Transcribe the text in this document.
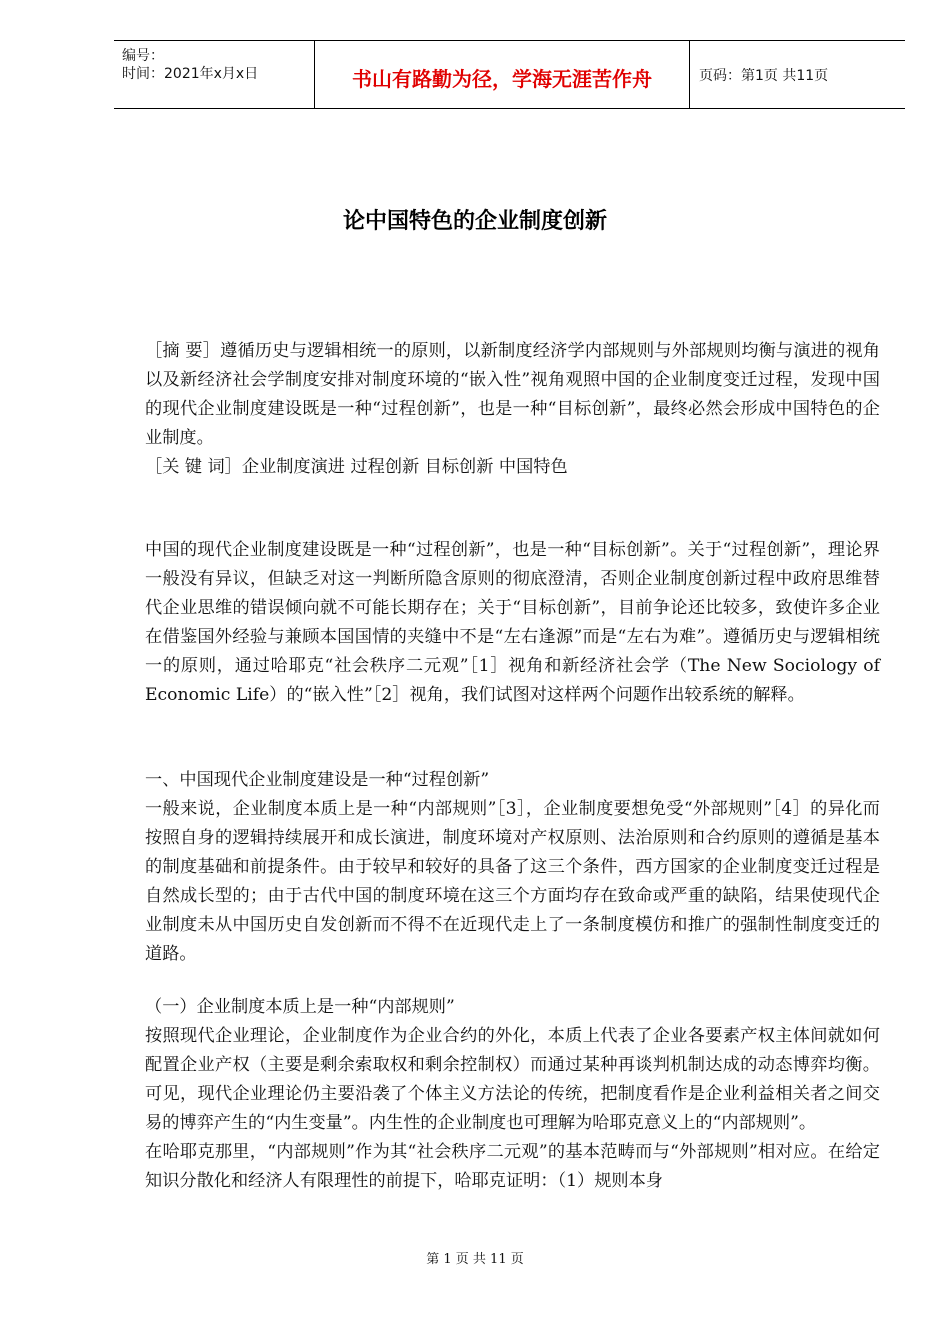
编号：
时间：2021年x月x日	书山有路勤为径，学海无涯苦作舟	页码：第1页 共11页
论中国特色的企业制度创新

［摘 要］遵循历史与逻辑相统一的原则，以新制度经济学内部规则与外部规则均衡与演进的视角以及新经济社会学制度安排对制度环境的“嵌入性”视角观照中国的企业制度变迁过程，发现中国的现代企业制度建设既是一种“过程创新”，也是一种“目标创新”，最终必然会形成中国特色的企业制度。

［关 键 词］企业制度演进 过程创新 目标创新 中国特色

中国的现代企业制度建设既是一种“过程创新”，也是一种“目标创新”。关于“过程创新”，理论界一般没有异议，但缺乏对这一判断所隐含原则的彻底澄清，否则企业制度创新过程中政府思维替代企业思维的错误倾向就不可能长期存在；关于“目标创新”，目前争论还比较多，致使许多企业在借鉴国外经验与兼顾本国国情的夹缝中不是“左右逢源”而是“左右为难”。遵循历史与逻辑相统一的原则，通过哈耶克“社会秩序二元观”［1］视角和新经济社会学（The New Sociology of Economic Life）的“嵌入性”［2］视角，我们试图对这样两个问题作出较系统的解释。

一、中国现代企业制度建设是一种“过程创新”

一般来说，企业制度本质上是一种“内部规则”［3］，企业制度要想免受“外部规则”［4］的异化而按照自身的逻辑持续展开和成长演进，制度环境对产权原则、法治原则和合约原则的遵循是基本的制度基础和前提条件。由于较早和较好的具备了这三个条件，西方国家的企业制度变迁过程是自然成长型的；由于古代中国的制度环境在这三个方面均存在致命或严重的缺陷，结果使现代企业制度未从中国历史自发创新而不得不在近现代走上了一条制度模仿和推广的强制性制度变迁的道路。

（一）企业制度本质上是一种“内部规则”

按照现代企业理论，企业制度作为企业合约的外化，本质上代表了企业各要素产权主体间就如何配置企业产权（主要是剩余索取权和剩余控制权）而通过某种再谈判机制达成的动态博弈均衡。可见，现代企业理论仍主要沿袭了个体主义方法论的传统，把制度看作是企业利益相关者之间交易的博弈产生的“内生变量”。内生性的企业制度也可理解为哈耶克意义上的“内部规则”。

在哈耶克那里，“内部规则”作为其“社会秩序二元观”的基本范畴而与“外部规则”相对应。在给定知识分散化和经济人有限理性的前提下，哈耶克证明：（1）规则本身

第 1 页 共 11 页
